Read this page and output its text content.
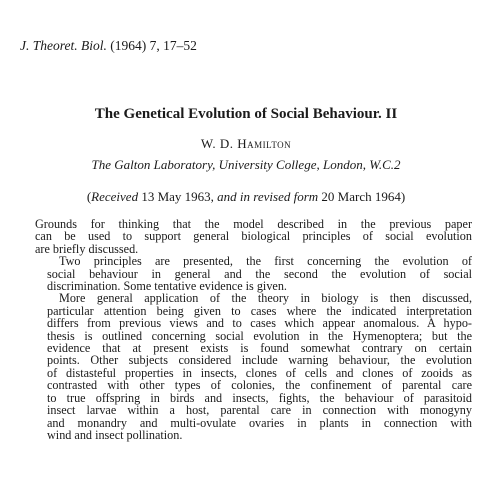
J. Theoret. Biol. (1964) 7, 17–52
The Genetical Evolution of Social Behaviour. II
W. D. Hamilton
The Galton Laboratory, University College, London, W.C.2
(Received 13 May 1963, and in revised form 20 March 1964)

Grounds for thinking that the model described in the previous paper
can be used to support general biological principles of social evolution
are briefly discussed.

Two principles are presented, the first concerning the evolution of
social behaviour in general and the second the evolution of social
discrimination. Some tentative evidence is given.

More general application of the theory in biology is then discussed,
particular attention being given to cases where the indicated interpretation
differs from previous views and to cases which appear anomalous. A hypo-
thesis is outlined concerning social evolution in the Hymenoptera; but the
evidence that at present exists is found somewhat contrary on certain
points. Other subjects considered include warning behaviour, the evolution
of distasteful properties in insects, clones of cells and clones of zooids as
contrasted with other types of colonies, the confinement of parental care
to true offspring in birds and insects, fights, the behaviour of parasitoid
insect larvae within a host, parental care in connection with monogyny
and monandry and multi-ovulate ovaries in plants in connection with
wind and insect pollination.
